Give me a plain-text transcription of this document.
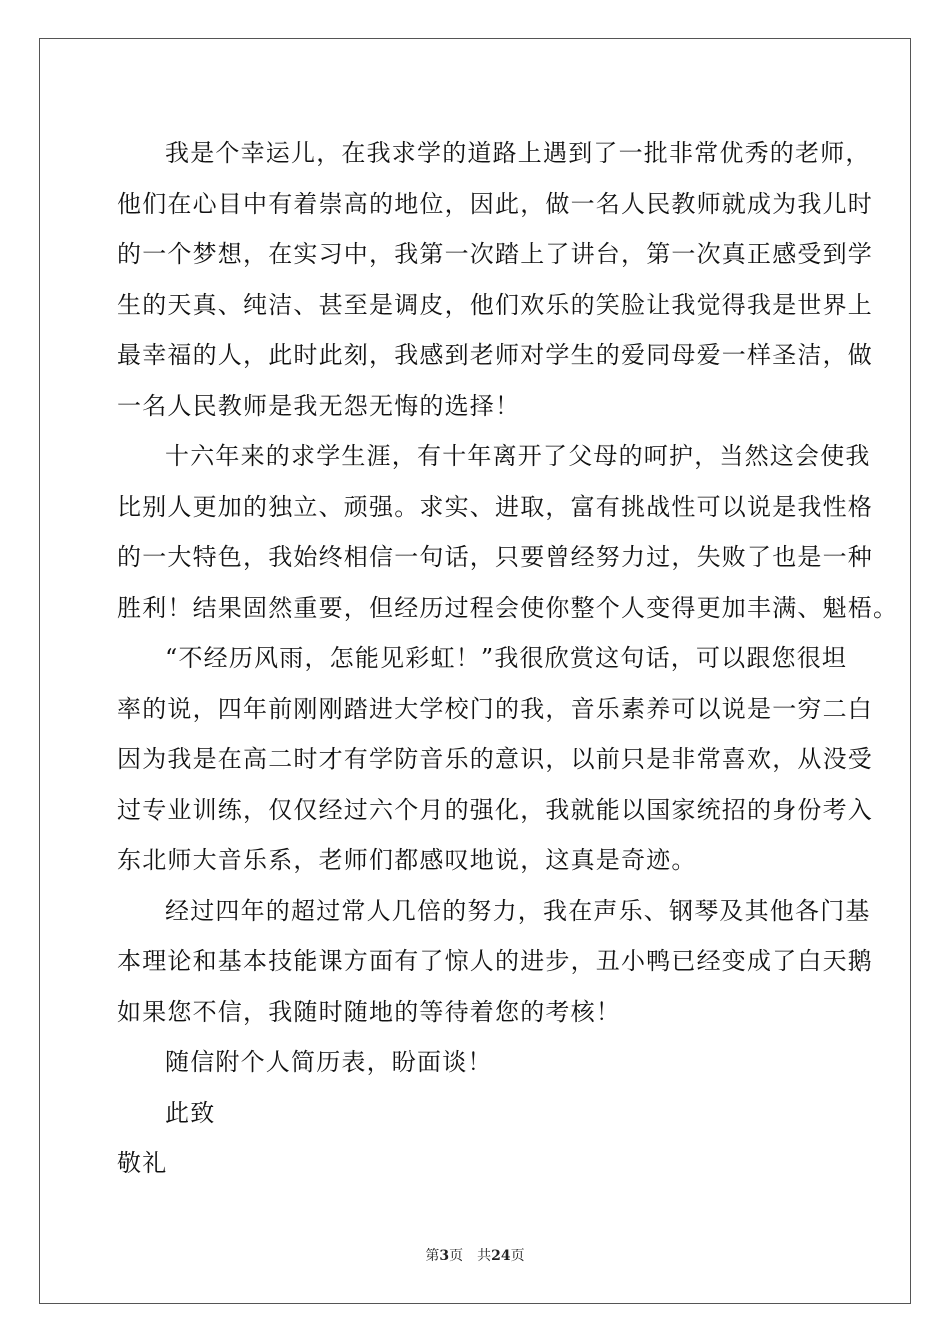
我是个幸运儿，在我求学的道路上遇到了一批非常优秀的老师，
他们在心目中有着崇高的地位，因此，做一名人民教师就成为我儿时
的一个梦想，在实习中，我第一次踏上了讲台，第一次真正感受到学
生的天真、纯洁、甚至是调皮，他们欢乐的笑脸让我觉得我是世界上
最幸福的人，此时此刻，我感到老师对学生的爱同母爱一样圣洁，做
一名人民教师是我无怨无悔的选择！
十六年来的求学生涯，有十年离开了父母的呵护，当然这会使我
比别人更加的独立、顽强。求实、进取，富有挑战性可以说是我性格
的一大特色，我始终相信一句话，只要曾经努力过，失败了也是一种
胜利！结果固然重要，但经历过程会使你整个人变得更加丰满、魁梧。
“不经历风雨，怎能见彩虹！”我很欣赏这句话，可以跟您很坦
率的说，四年前刚刚踏进大学校门的我，音乐素养可以说是一穷二白
因为我是在高二时才有学防音乐的意识，以前只是非常喜欢，从没受
过专业训练，仅仅经过六个月的强化，我就能以国家统招的身份考入
东北师大音乐系，老师们都感叹地说，这真是奇迹。
经过四年的超过常人几倍的努力，我在声乐、钢琴及其他各门基
本理论和基本技能课方面有了惊人的进步，丑小鸭已经变成了白天鹅
如果您不信，我随时随地的等待着您的考核！
随信附个人简历表，盼面谈！
此致
敬礼
第3页 共24页
